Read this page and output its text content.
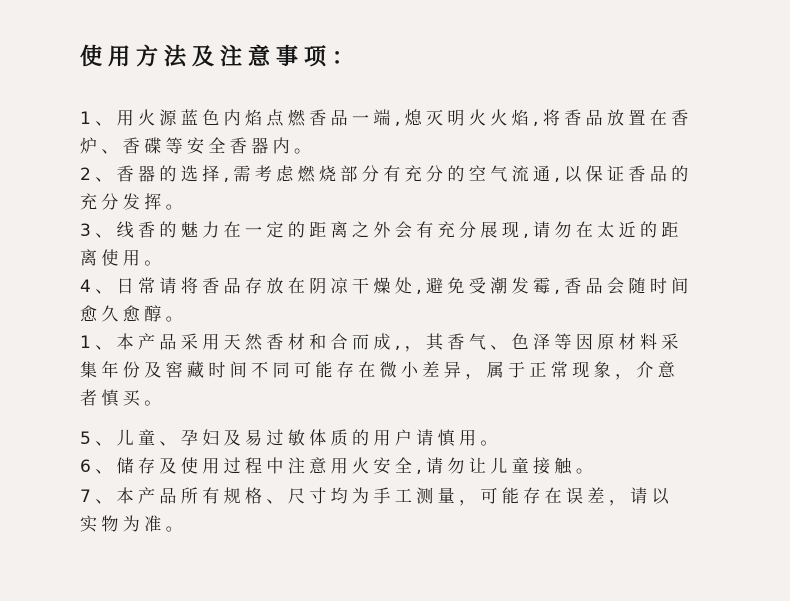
使用方法及注意事项：
1、用火源蓝色内焰点燃香品一端,熄灭明火火焰,将香品放置在香
炉、香碟等安全香器内。
2、香器的选择,需考虑燃烧部分有充分的空气流通,以保证香品的
充分发挥。
3、线香的魅力在一定的距离之外会有充分展现,请勿在太近的距
离使用。
4、日常请将香品存放在阴凉干燥处,避免受潮发霉,香品会随时间
愈久愈醇。
1、本产品采用天然香材和合而成,，其香气、色泽等因原材料采
集年份及窖藏时间不同可能存在微小差异，属于正常现象，介意
者慎买。
5、儿童、孕妇及易过敏体质的用户请慎用。
6、储存及使用过程中注意用火安全,请勿让儿童接触。
7、本产品所有规格、尺寸均为手工测量，可能存在误差，请以
实物为准。
